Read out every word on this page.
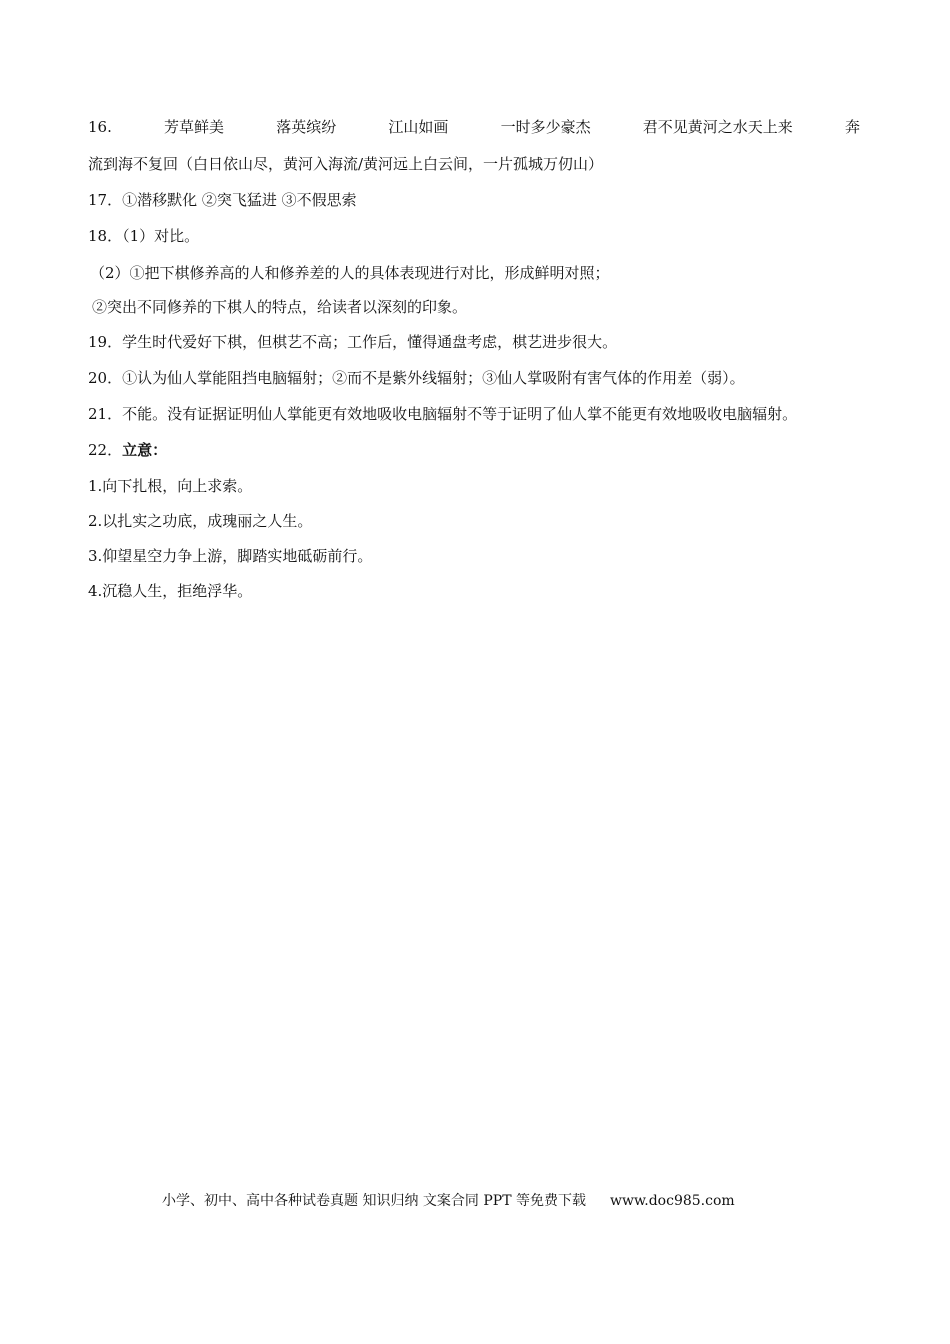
16.	芳草鲜美	落英缤纷	江山如画	一时多少豪杰	君不见黄河之水天上来	奔
流到海不复回（白日依山尽，黄河入海流/黄河远上白云间，一片孤城万仞山）
17．①潜移默化 ②突飞猛进 ③不假思索
18．（1）对比。
（2）①把下棋修养高的人和修养差的人的具体表现进行对比，形成鲜明对照；
②突出不同修养的下棋人的特点，给读者以深刻的印象。
19．学生时代爱好下棋，但棋艺不高；工作后，懂得通盘考虑，棋艺进步很大。
20．①认为仙人掌能阻挡电脑辐射；②而不是紫外线辐射；③仙人掌吸附有害气体的作用差（弱）。
21．不能。没有证据证明仙人掌能更有效地吸收电脑辐射不等于证明了仙人掌不能更有效地吸收电脑辐射。
22．立意：
1.向下扎根，向上求索。
2.以扎实之功底，成瑰丽之人生。
3.仰望星空力争上游，脚踏实地砥砺前行。
4.沉稳人生，拒绝浮华。
小学、初中、高中各种试卷真题 知识归纳 文案合同 PPT 等免费下载 www.doc985.com
